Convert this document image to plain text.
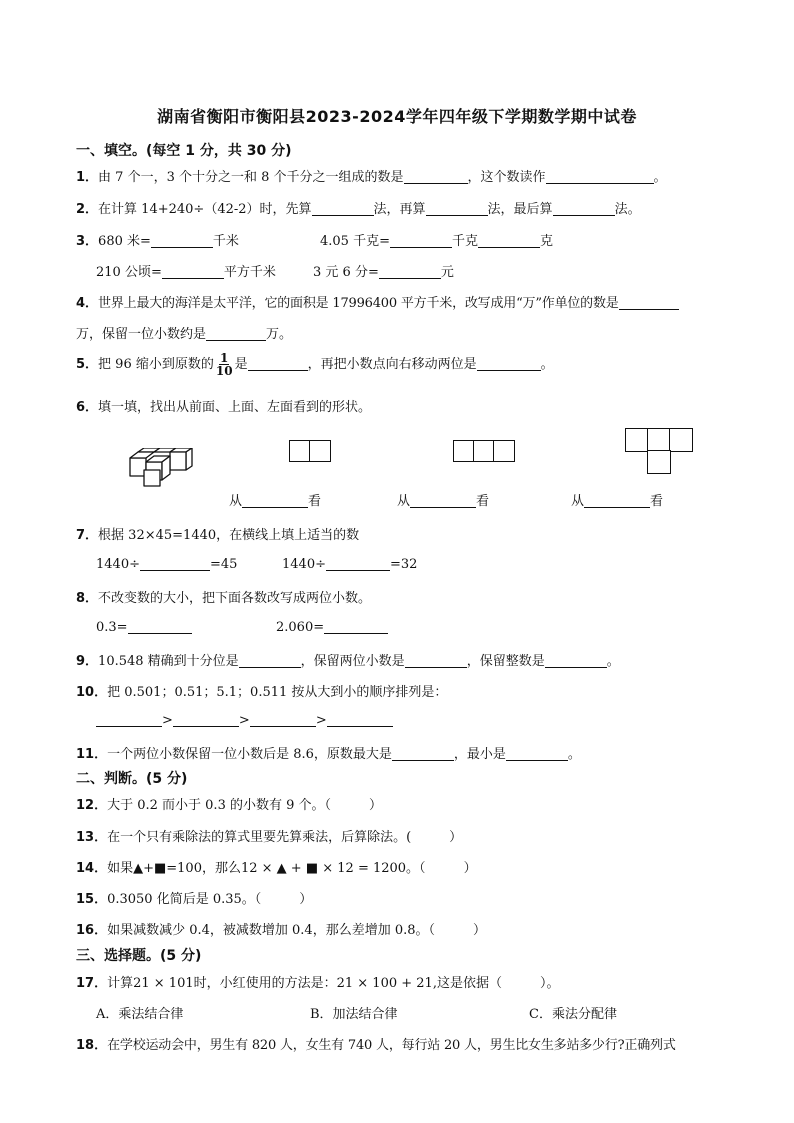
湖南省衡阳市衡阳县2023-2024学年四年级下学期数学期中试卷
一、填空。(每空 1 分，共 30 分)
1．由 7 个一，3 个十分之一和 8 个千分之一组成的数是	，这个数读作	。
2．在计算 14+240÷（42-2）时，先算	法，再算	法，最后算	法。
3．680 米=	千米	4.05 千克=	千克	克
210 公顷=	平方千米	3 元 6 分=	元
4．世界上最大的海洋是太平洋，它的面积是 17996400 平方千米，改写成用“万”作单位的数是
万，保留一位小数约是	万。
5．把 96 缩小到原数的 $\frac{1}{10}$ 是	，再把小数点向右移动两位是	。
6．填一填，找出从前面、上面、左面看到的形状。
从	看	从	看	从	看
7．根据 32×45=1440，在横线上填上适当的数
1440÷	=45	1440÷	=32
8．不改变数的大小，把下面各数改写成两位小数。
0.3=	2.060=
9．10.548 精确到十分位是	，保留两位小数是	，保留整数是	。
10．把 0.501；0.51；5.1；0.511 按从大到小的顺序排列是：
>	>	>
11．一个两位小数保留一位小数后是 8.6，原数最大是	，最小是	。
二、判断。(5 分)
12．大于 0.2 而小于 0.3 的小数有 9 个。（	）
13．在一个只有乘除法的算式里要先算乘法，后算除法。(	）
14．如果▲+■=100，那么12 × ▲ + ■ × 12 = 1200。（	）
15．0.3050 化简后是 0.35。（	）
16．如果减数减少 0.4，被减数增加 0.4，那么差增加 0.8。（	）
三、选择题。(5 分)
17．计算21 × 101时，小红使用的方法是：21 × 100 + 21,这是依据（	）。
A．乘法结合律	B．加法结合律	C．乘法分配律
18．在学校运动会中，男生有 820 人，女生有 740 人，每行站 20 人，男生比女生多站多少行?正确列式
